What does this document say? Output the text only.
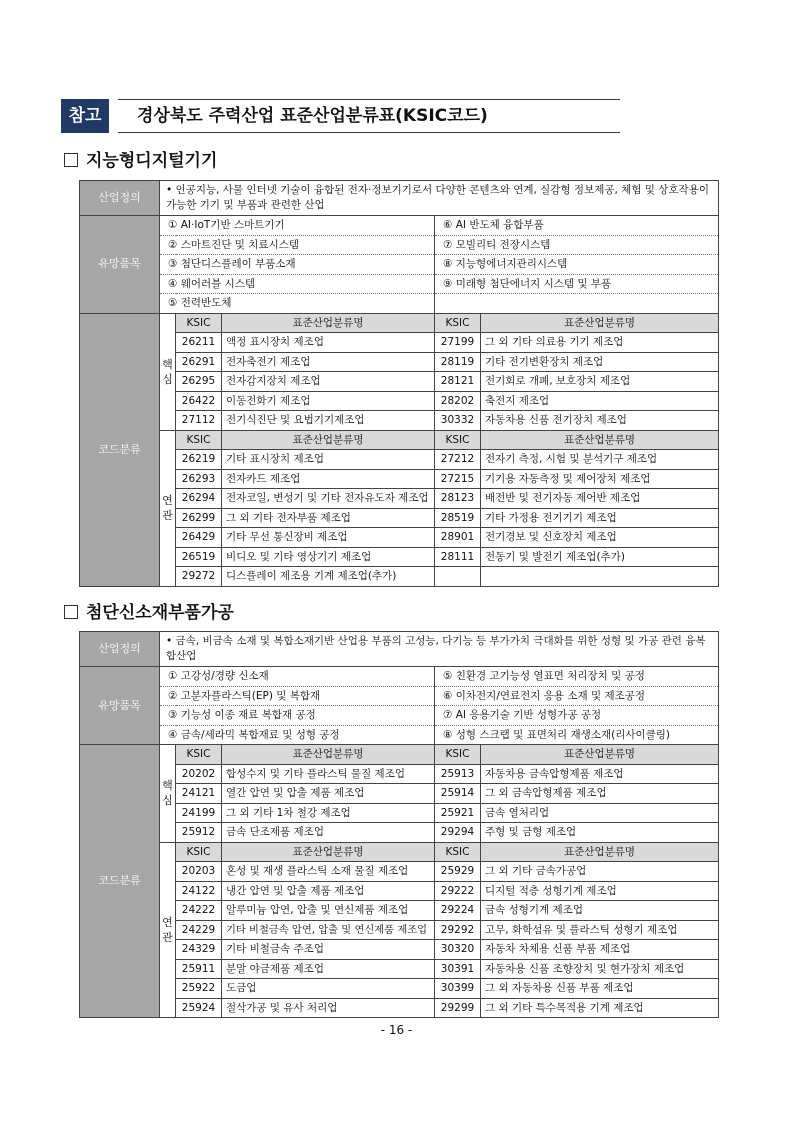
참고	경상북도 주력산업 표준산업분류표(KSIC코드)
지능형디지털기기
산업정의	• 인공지능, 사물 인터넷 기술이 융합된 전자·정보기기로서 다양한 콘텐츠와 연계, 실감형 정보제공, 체험 및 상호작용이 가능한 기기 및 부품과 관련한 산업				
유망품목	① AI·IoT기반 스마트기기			⑥ AI 반도체 융합부품	
	② 스마트진단 및 치료시스템			⑦ 모빌리티 전장시스템	
	③ 첨단디스플레이 부품소재			⑧ 지능형에너지관리시스템	
	④ 웨어러블 시스템			⑨ 미래형 첨단에너지 시스템 및 부품	
	⑤ 전력반도체				
코드분류	핵심	KSIC	표준산업분류명	KSIC	표준산업분류명
		26211	액정 표시장치 제조업	27199	그 외 기타 의료용 기기 제조업
		26291	전자축전기 제조업	28119	기타 전기변환장치 제조업
		26295	전자감지장치 제조업	28121	전기회로 개폐, 보호장치 제조업
		26422	이동전화기 제조업	28202	축전지 제조업
		27112	전기식진단 및 요법기기제조업	30332	자동차용 신품 전기장치 제조업

	연관	KSIC	표준산업분류명	KSIC	표준산업분류명
		26219	기타 표시장치 제조업	27212	전자기 측정, 시험 및 분석기구 제조업
		26293	전자카드 제조업	27215	기기용 자동측정 및 제어장치 제조업
		26294	전자코일, 변성기 및 기타 전자유도자 제조업	28123	배전반 및 전기자동 제어반 제조업
		26299	그 외 기타 전자부품 제조업	28519	기타 가정용 전기기기 제조업
		26429	기타 무선 통신장비 제조업	28901	전기경보 및 신호장치 제조업
		26519	비디오 및 기타 영상기기 제조업	28111	전동기 및 발전기 제조업(추가)
		29272	디스플레이 제조용 기계 제조업(추가)		
첨단신소재부품가공
산업정의	• 금속, 비금속 소재 및 복합소재기반 산업용 부품의 고성능, 다기능 등 부가가치 극대화를 위한 성형 및 가공 관련 융복합산업				
유망품목	① 고강성/경량 신소재			⑤ 친환경 고기능성 열표면 처리장치 및 공정	
	② 고분자플라스틱(EP) 및 복합재			⑥ 이차전지/연료전지 응용 소재 및 제조공정	
	③ 기능성 이종 재료 복합재 공정			⑦ AI 응용기술 기반 성형가공 공정	
	④ 금속/세라믹 복합재료 및 성형 공정			⑧ 성형 스크랩 및 표면처리 재생소재(리사이클링)	
코드분류	핵심	KSIC	표준산업분류명	KSIC	표준산업분류명
		20202	합성수지 및 기타 플라스틱 물질 제조업	25913	자동차용 금속압형제품 제조업
		24121	열간 압연 및 압출 제품 제조업	25914	그 외 금속압형제품 제조업
		24199	그 외 기타 1차 철강 제조업	25921	금속 열처리업
		25912	금속 단조제품 제조업	29294	주형 및 금형 제조업

	연관	KSIC	표준산업분류명	KSIC	표준산업분류명
		20203	혼성 및 재생 플라스틱 소재 물질 제조업	25929	그 외 기타 금속가공업
		24122	냉간 압연 및 압출 제품 제조업	29222	디지털 적층 성형기계 제조업
		24222	알루미늄 압연, 압출 및 연신제품 제조업	29224	금속 성형기계 제조업
		24229	기타 비철금속 압연, 압출 및 연신제품 제조업	29292	고무, 화학섬유 및 플라스틱 성형기 제조업
		24329	기타 비철금속 주조업	30320	자동차 차체용 신품 부품 제조업
		25911	분말 야금제품 제조업	30391	자동차용 신품 조향장치 및 현가장치 제조업
		25922	도금업	30399	그 외 자동차용 신품 부품 제조업
		25924	절삭가공 및 유사 처리업	29299	그 외 기타 특수목적용 기계 제조업
- 16 -
